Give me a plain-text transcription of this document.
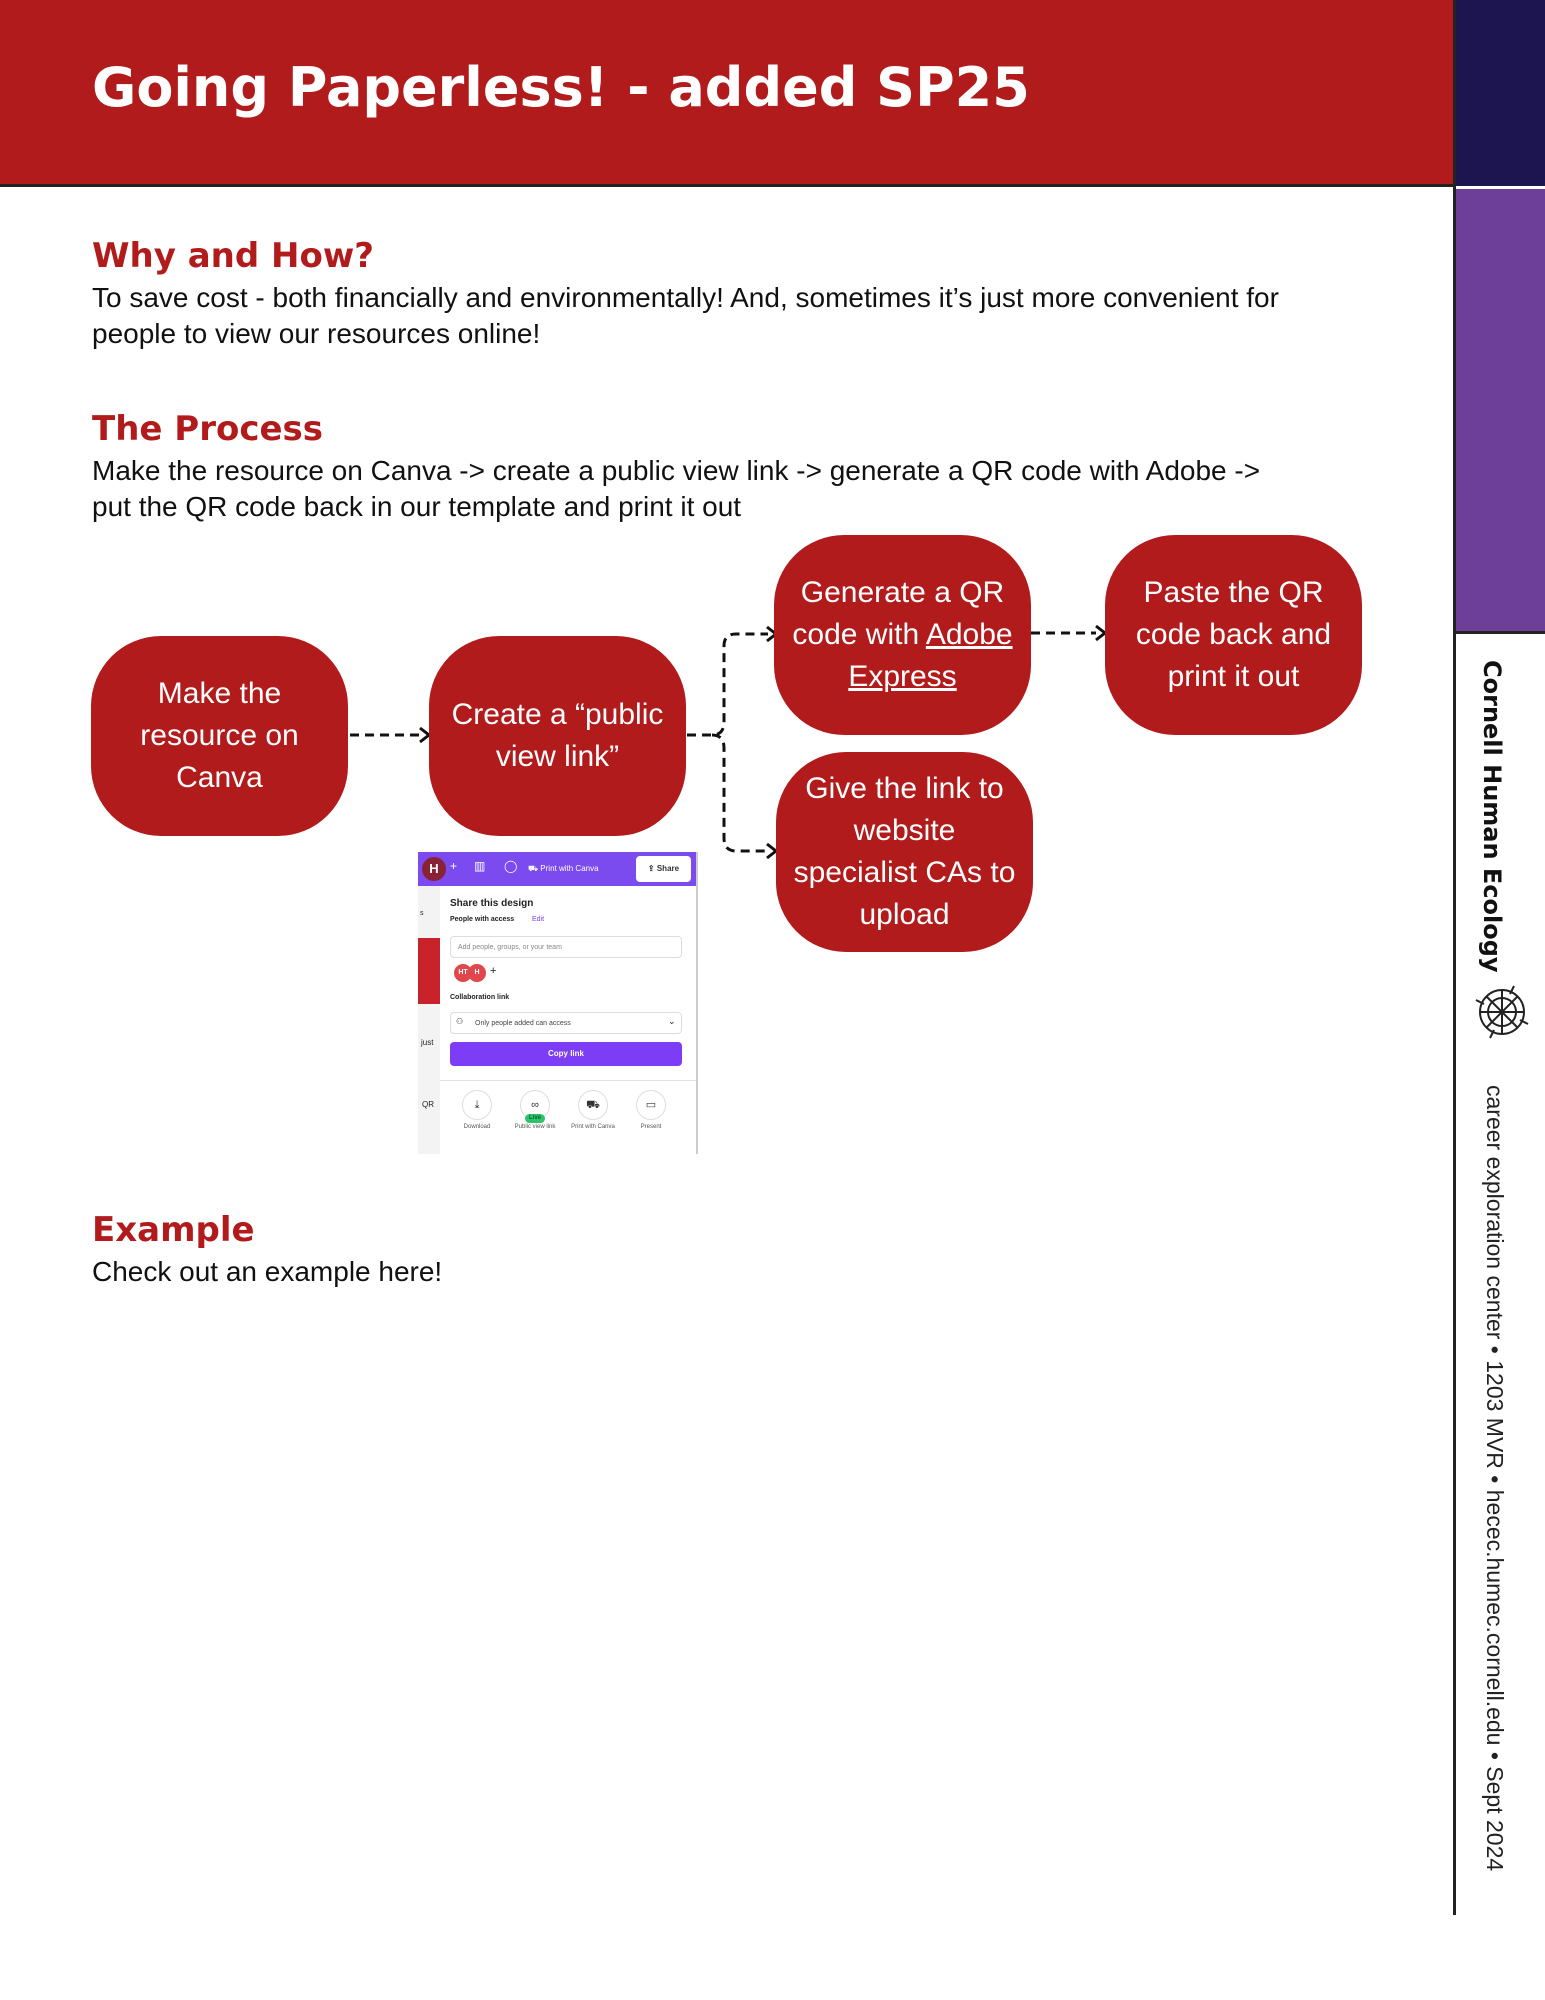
Going Paperless! - added SP25
Why and How?
To save cost - both financially and environmentally! And, sometimes it’s just more convenient for
people to view our resources online!
The Process
Make the resource on Canva -> create a public view link -> generate a QR code with Adobe ->
put the QR code back in our template and print it out
Make the
resource on
Canva
Create a “public
view link”
Generate a QR
code with Adobe
Express
Paste the QR
code back and
print it out
Give the link to
website
specialist CAs to
upload
H + ▥ ◯ ⛟ Print with Canva	⇪ Share
s
just
QR
Share this design
People with access	Edit
Add people, groups, or your team
HT H +
Collaboration link
Only people added can access
⚇	⌄
Copy link
⤓
Download
∞
Public view link
Live
⛟
Print with Canva
▭
Present
Example
Check out an example here!
Cornell Human Ecology
career exploration center • 1203 MVR • hecec.humec.cornell.edu • Sept 2024
